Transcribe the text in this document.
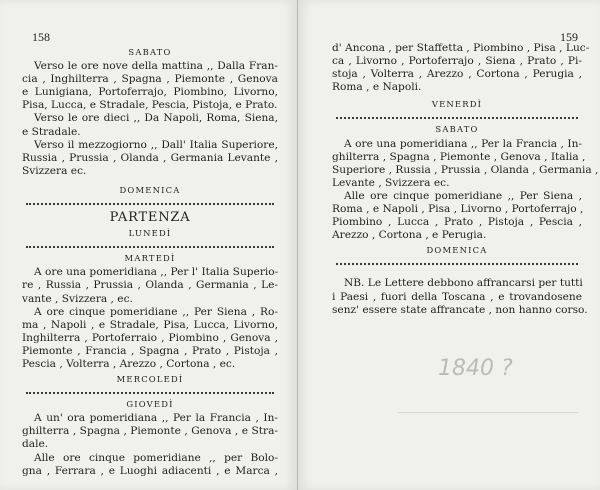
158
SABATO
Verso le ore nove della mattina ,, Dalla Fran-
cia , Inghilterra , Spagna , Piemonte , Genova
e Lunigiana, Portoferrajo, Piombino, Livorno,
Pisa, Lucca, e Stradale, Pescia, Pistoja, e Prato.
Verso le ore dieci ,, Da Napoli, Roma, Siena,
e Stradale.
Verso il mezzogiorno ,, Dall' Italia Superiore,
Russia , Prussia , Olanda , Germania Levante ,
Svizzera ec.
DOMENICA
PARTENZA
LUNEDÌ
MARTEDÌ
A ore una pomeridiana ,, Per l' Italia Superio-
re , Russia , Prussia , Olanda , Germania , Le-
vante , Svizzera , ec.
A ore cinque pomeridiane ,, Per Siena , Ro-
ma , Napoli , e Stradale, Pisa, Lucca, Livorno,
Inghilterra , Portoferraio , Piombino , Genova ,
Piemonte , Francia , Spagna , Prato , Pistoja ,
Pescia , Volterra , Arezzo , Cortona , ec.
MERCOLEDÌ
GIOVEDÌ
A un' ora pomeridiana ,, Per la Francia , In-
ghilterra , Spagna , Piemonte , Genova , e Stra-
dale.
Alle ore cinque pomeridiane ,, per Bolo-
gna , Ferrara , e Luoghi adiacenti , e Marca ,
159
d' Ancona , per Staffetta , Piombino , Pisa , Luc-
ca , Livorno , Portoferrajo , Siena , Prato , Pi-
stoja , Volterra , Arezzo , Cortona , Perugia ,
Roma , e Napoli.
VENERDÌ
SABATO
A ore una pomeridiana ,, Per la Francia , In-
ghilterra , Spagna , Piemonte , Genova , Italia ,
Superiore , Russia , Prussia , Olanda , Germania ,
Levante , Svizzera ec.
Alle ore cinque pomeridiane ,, Per Siena ,
Roma , e Napoli , Pisa , Livorno , Portoferrajo ,
Piombino , Lucca , Prato , Pistoja , Pescia ,
Arezzo , Cortona , e Perugia.
DOMENICA
NB. Le Lettere debbono affrancarsi per tutti
i Paesi , fuori della Toscana , e trovandosene
senz' essere state affrancate , non hanno corso.
1840 ?
